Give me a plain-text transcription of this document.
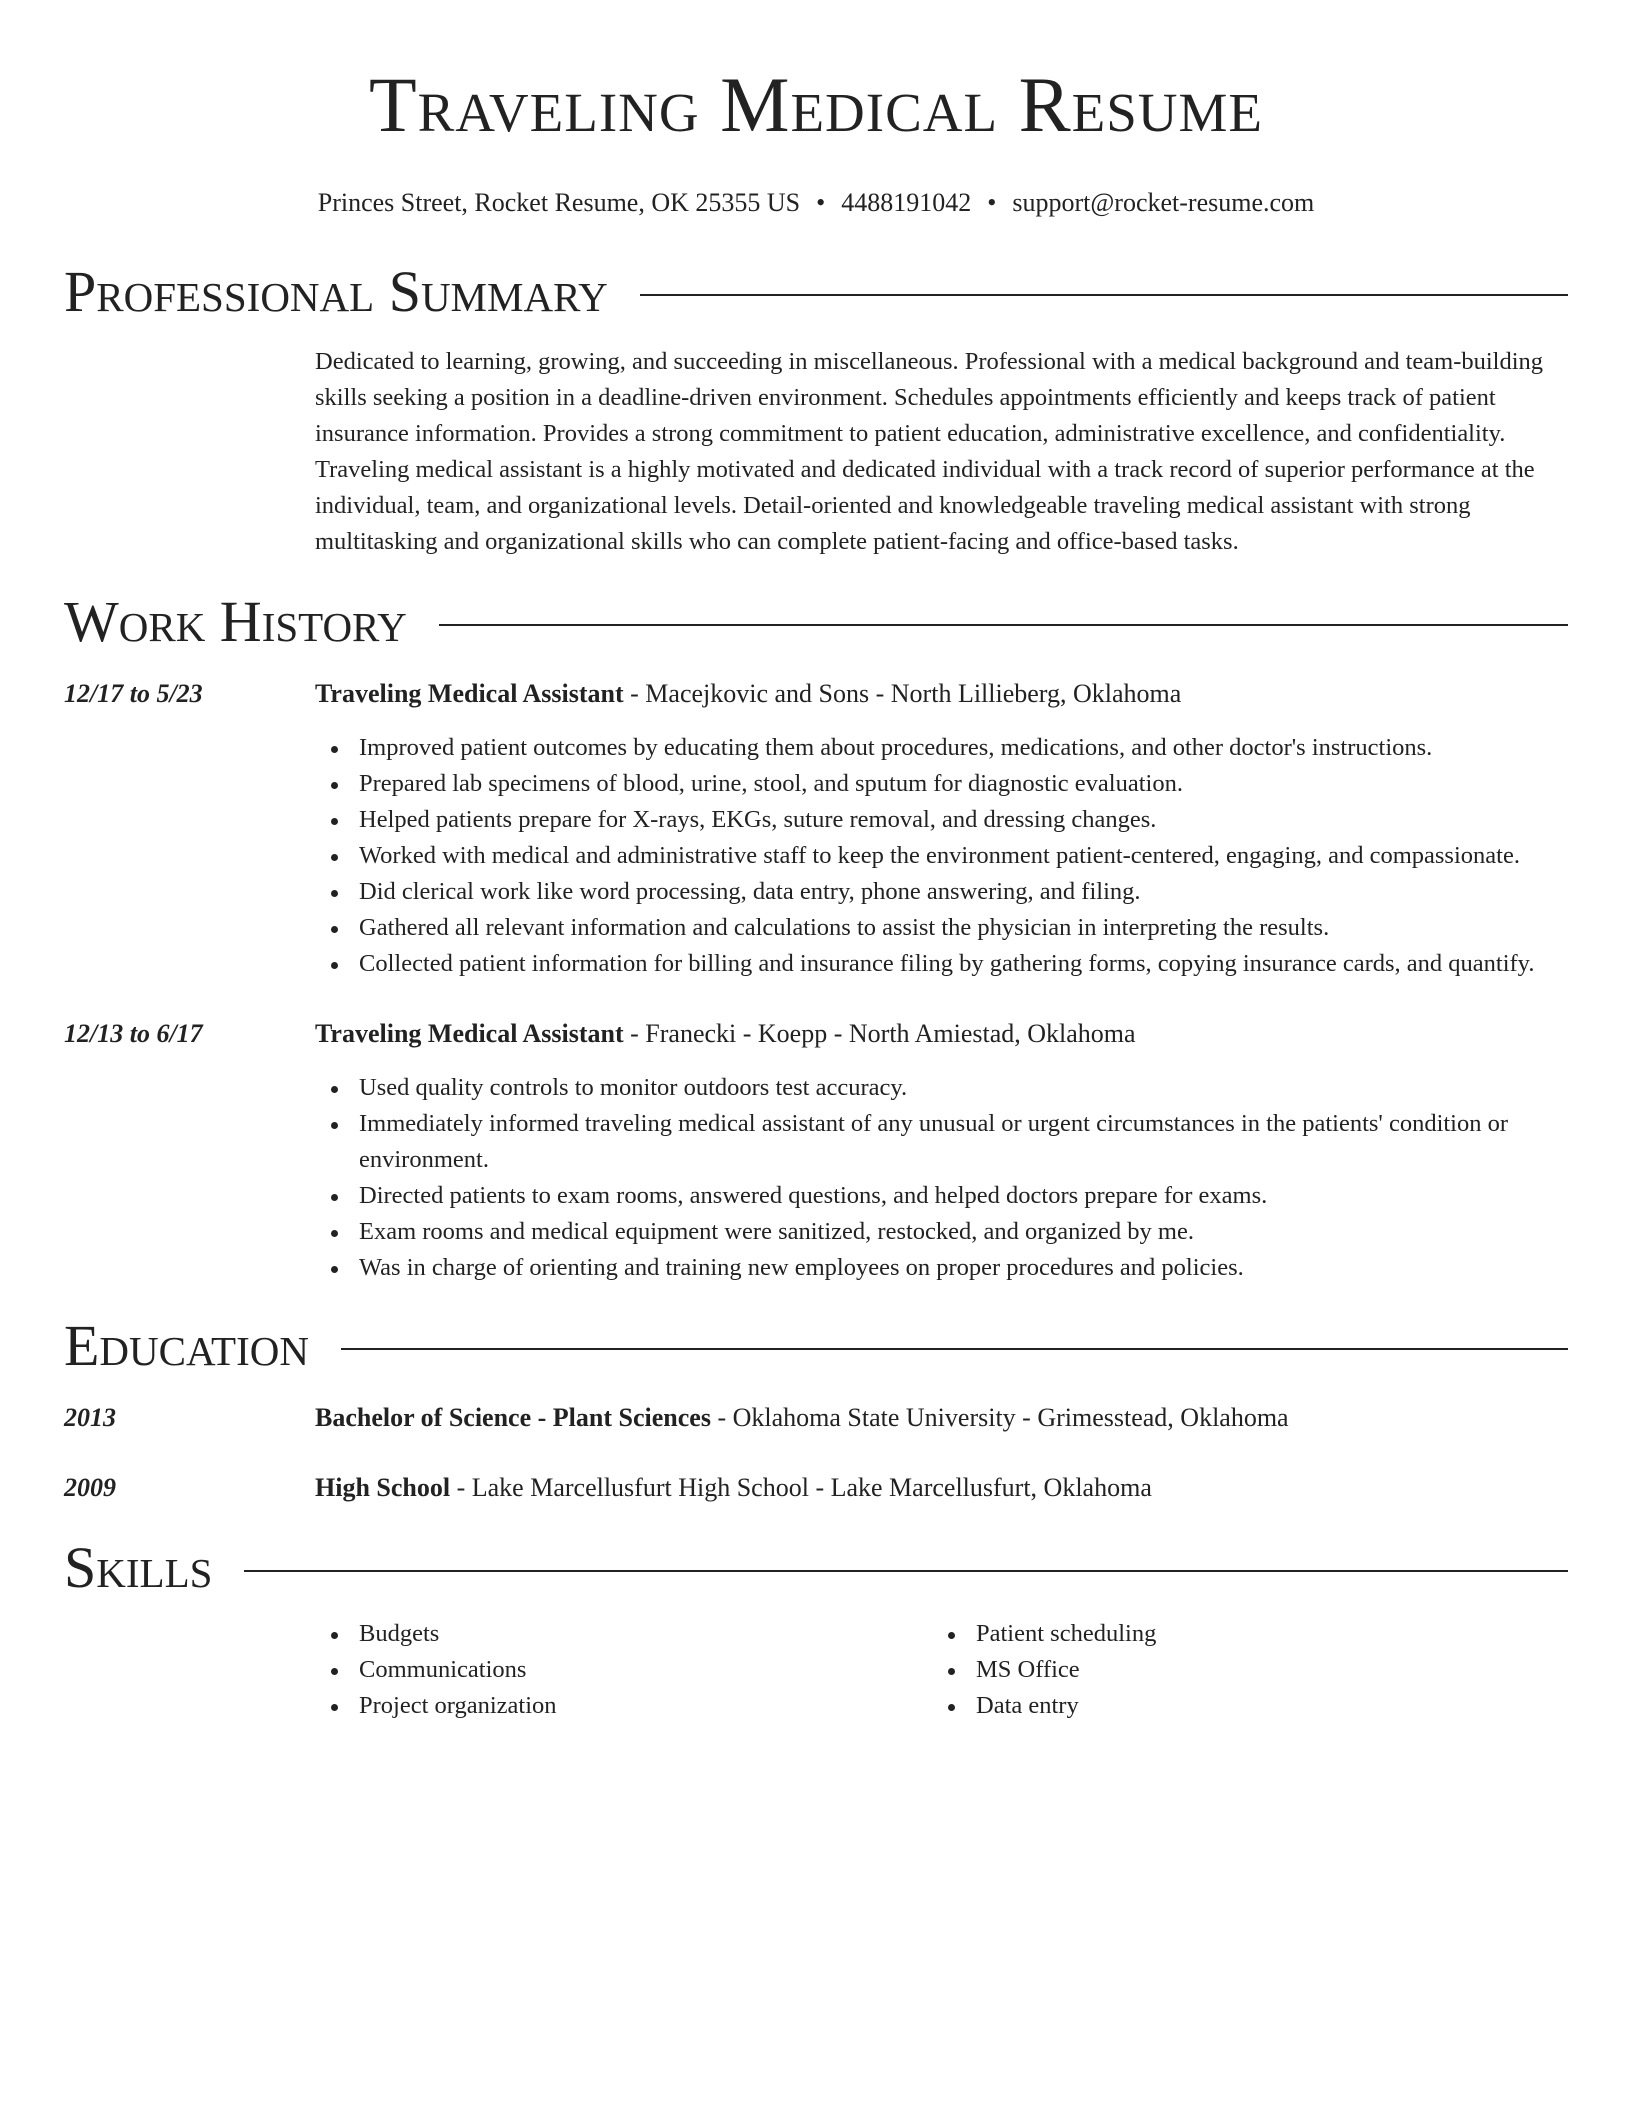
Traveling Medical Resume
Princes Street, Rocket Resume, OK 25355 US • 4488191042 • support@rocket-resume.com
Professional Summary
Dedicated to learning, growing, and succeeding in miscellaneous. Professional with a medical background and team-building skills seeking a position in a deadline-driven environment. Schedules appointments efficiently and keeps track of patient insurance information. Provides a strong commitment to patient education, administrative excellence, and confidentiality. Traveling medical assistant is a highly motivated and dedicated individual with a track record of superior performance at the individual, team, and organizational levels. Detail-oriented and knowledgeable traveling medical assistant with strong multitasking and organizational skills who can complete patient-facing and office-based tasks.
Work History
12/17 to 5/23	Traveling Medical Assistant - Macejkovic and Sons - North Lillieberg, Oklahoma
Improved patient outcomes by educating them about procedures, medications, and other doctor's instructions.
Prepared lab specimens of blood, urine, stool, and sputum for diagnostic evaluation.
Helped patients prepare for X-rays, EKGs, suture removal, and dressing changes.
Worked with medical and administrative staff to keep the environment patient-centered, engaging, and compassionate.
Did clerical work like word processing, data entry, phone answering, and filing.
Gathered all relevant information and calculations to assist the physician in interpreting the results.
Collected patient information for billing and insurance filing by gathering forms, copying insurance cards, and quantify.
12/13 to 6/17	Traveling Medical Assistant - Franecki - Koepp - North Amiestad, Oklahoma
Used quality controls to monitor outdoors test accuracy.
Immediately informed traveling medical assistant of any unusual or urgent circumstances in the patients' condition or environment.
Directed patients to exam rooms, answered questions, and helped doctors prepare for exams.
Exam rooms and medical equipment were sanitized, restocked, and organized by me.
Was in charge of orienting and training new employees on proper procedures and policies.
Education
2013	Bachelor of Science - Plant Sciences - Oklahoma State University - Grimesstead, Oklahoma
2009	High School - Lake Marcellusfurt High School - Lake Marcellusfurt, Oklahoma
Skills
Budgets
Communications
Project organization
Patient scheduling
MS Office
Data entry
